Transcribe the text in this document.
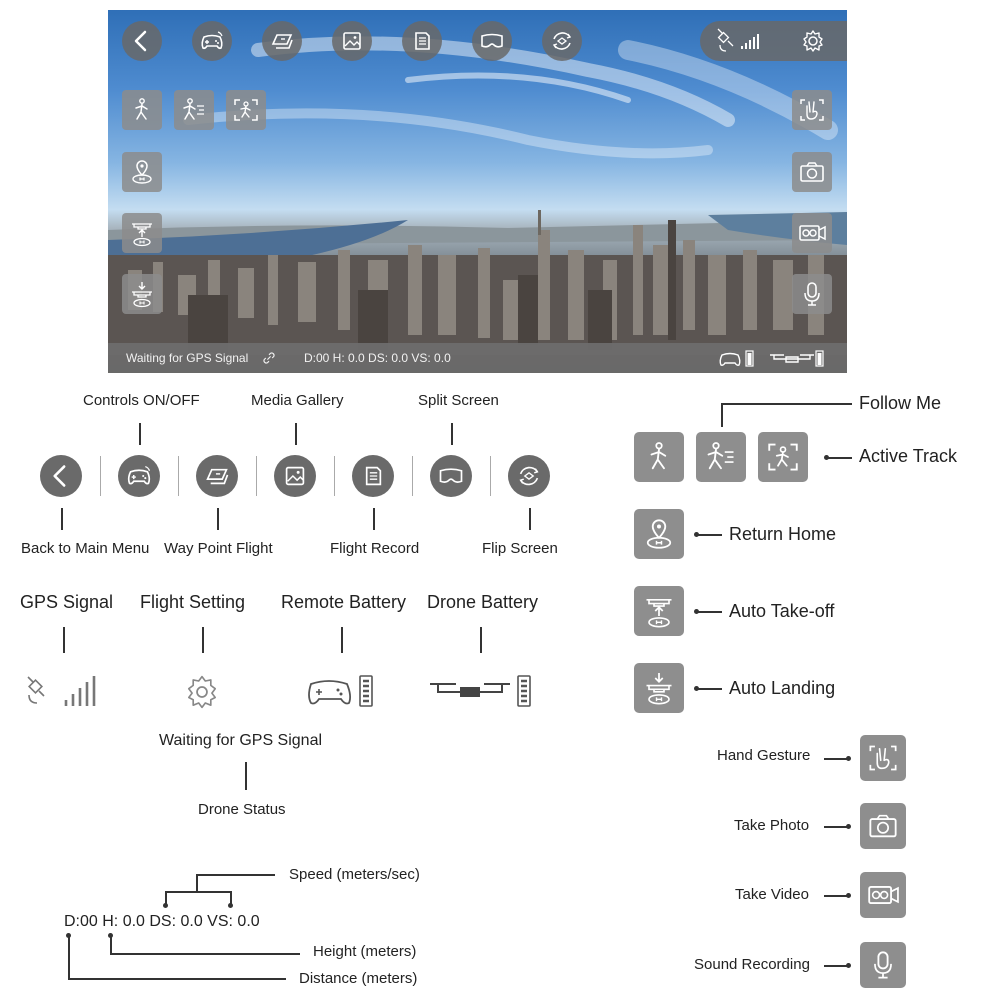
Waiting for GPS Signal	D:00 H: 0.0 DS: 0.0 VS: 0.0
Controls ON/OFF	Media Gallery	Split Screen
Back to Main Menu Way Point Flight	Flight Record	Flip Screen
GPS Signal Flight Setting Remote Battery Drone Battery
Waiting for GPS Signal
Drone Status
Speed (meters/sec)
D:00 H: 0.0 DS: 0.0 VS: 0.0
Height (meters)
Distance (meters)
Follow Me
Active Track
Return Home
Auto Take-off
Auto Landing
Hand Gesture
Take Photo
Take Video
Sound Recording
